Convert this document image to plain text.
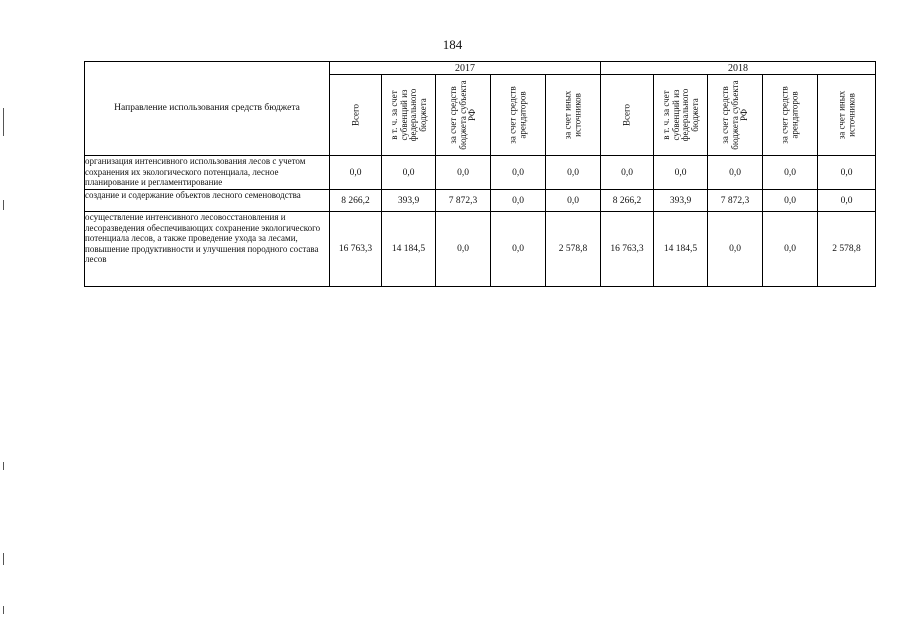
184
Направление использования средств бюджета	2017					2018				

	Всего	в т. ч. за счет субвенций из федерального бюджета	за счет средств бюджета субъекта РФ	за счет средств арендаторов	за счет иных источников	Всего	в т. ч. за счет субвенций из федерального бюджета	за счет средств бюджета субъекта РФ	за счет средств арендаторов	за счет иных источников

организация интенсивного использования лесов с учетом сохранения их экологического потенциала, лесное планирование и регламентирование	0,0	0,0	0,0	0,0	0,0	0,0	0,0	0,0	0,0	0,0
создание и содержание объектов лесного семеноводства	8 266,2	393,9	7 872,3	0,0	0,0	8 266,2	393,9	7 872,3	0,0	0,0
осуществление интенсивного лесовосстановления и лесоразведения обеспечивающих сохранение экологического потенциала лесов, а также проведение ухода за лесами, повышение продуктивности и улучшения породного состава лесов	16 763,3	14 184,5	0,0	0,0	2 578,8	16 763,3	14 184,5	0,0	0,0	2 578,8
